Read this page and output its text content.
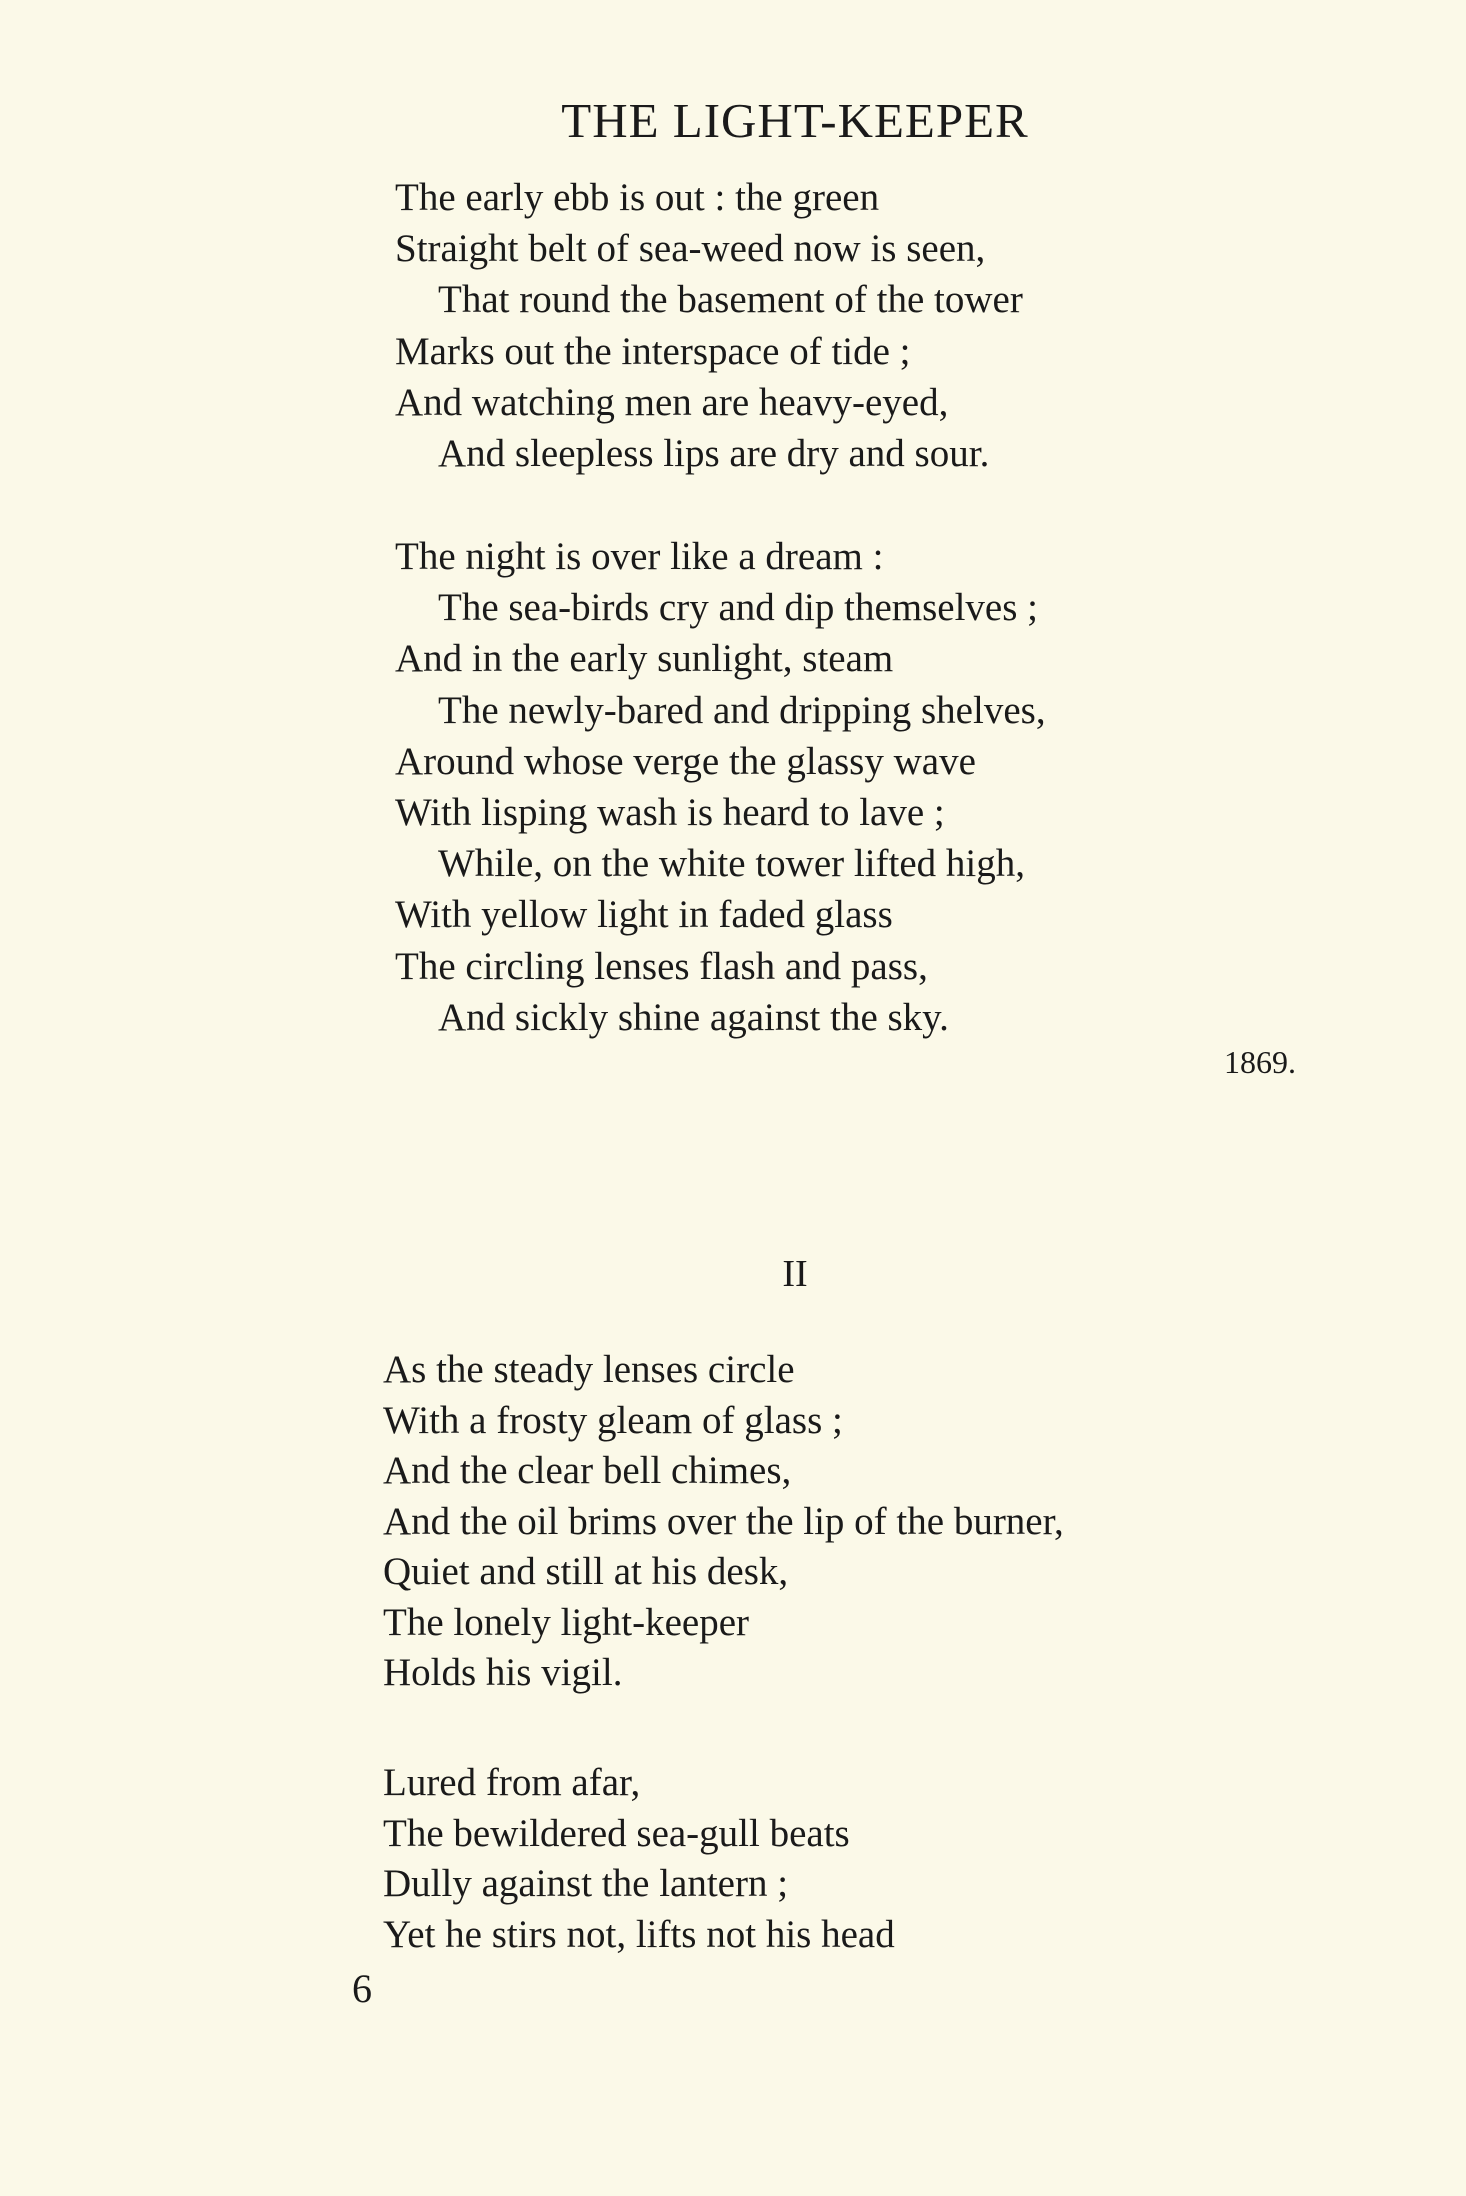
THE LIGHT-KEEPER
The early ebb is out : the green
Straight belt of sea-weed now is seen,
That round the basement of the tower
Marks out the interspace of tide ;
And watching men are heavy-eyed,
And sleepless lips are dry and sour.
The night is over like a dream :
The sea-birds cry and dip themselves ;
And in the early sunlight, steam
The newly-bared and dripping shelves,
Around whose verge the glassy wave
With lisping wash is heard to lave ;
While, on the white tower lifted high,
With yellow light in faded glass
The circling lenses flash and pass,
And sickly shine against the sky.
1869.
II
As the steady lenses circle
With a frosty gleam of glass ;
And the clear bell chimes,
And the oil brims over the lip of the burner,
Quiet and still at his desk,
The lonely light-keeper
Holds his vigil.
Lured from afar,
The bewildered sea-gull beats
Dully against the lantern ;
Yet he stirs not, lifts not his head
6
